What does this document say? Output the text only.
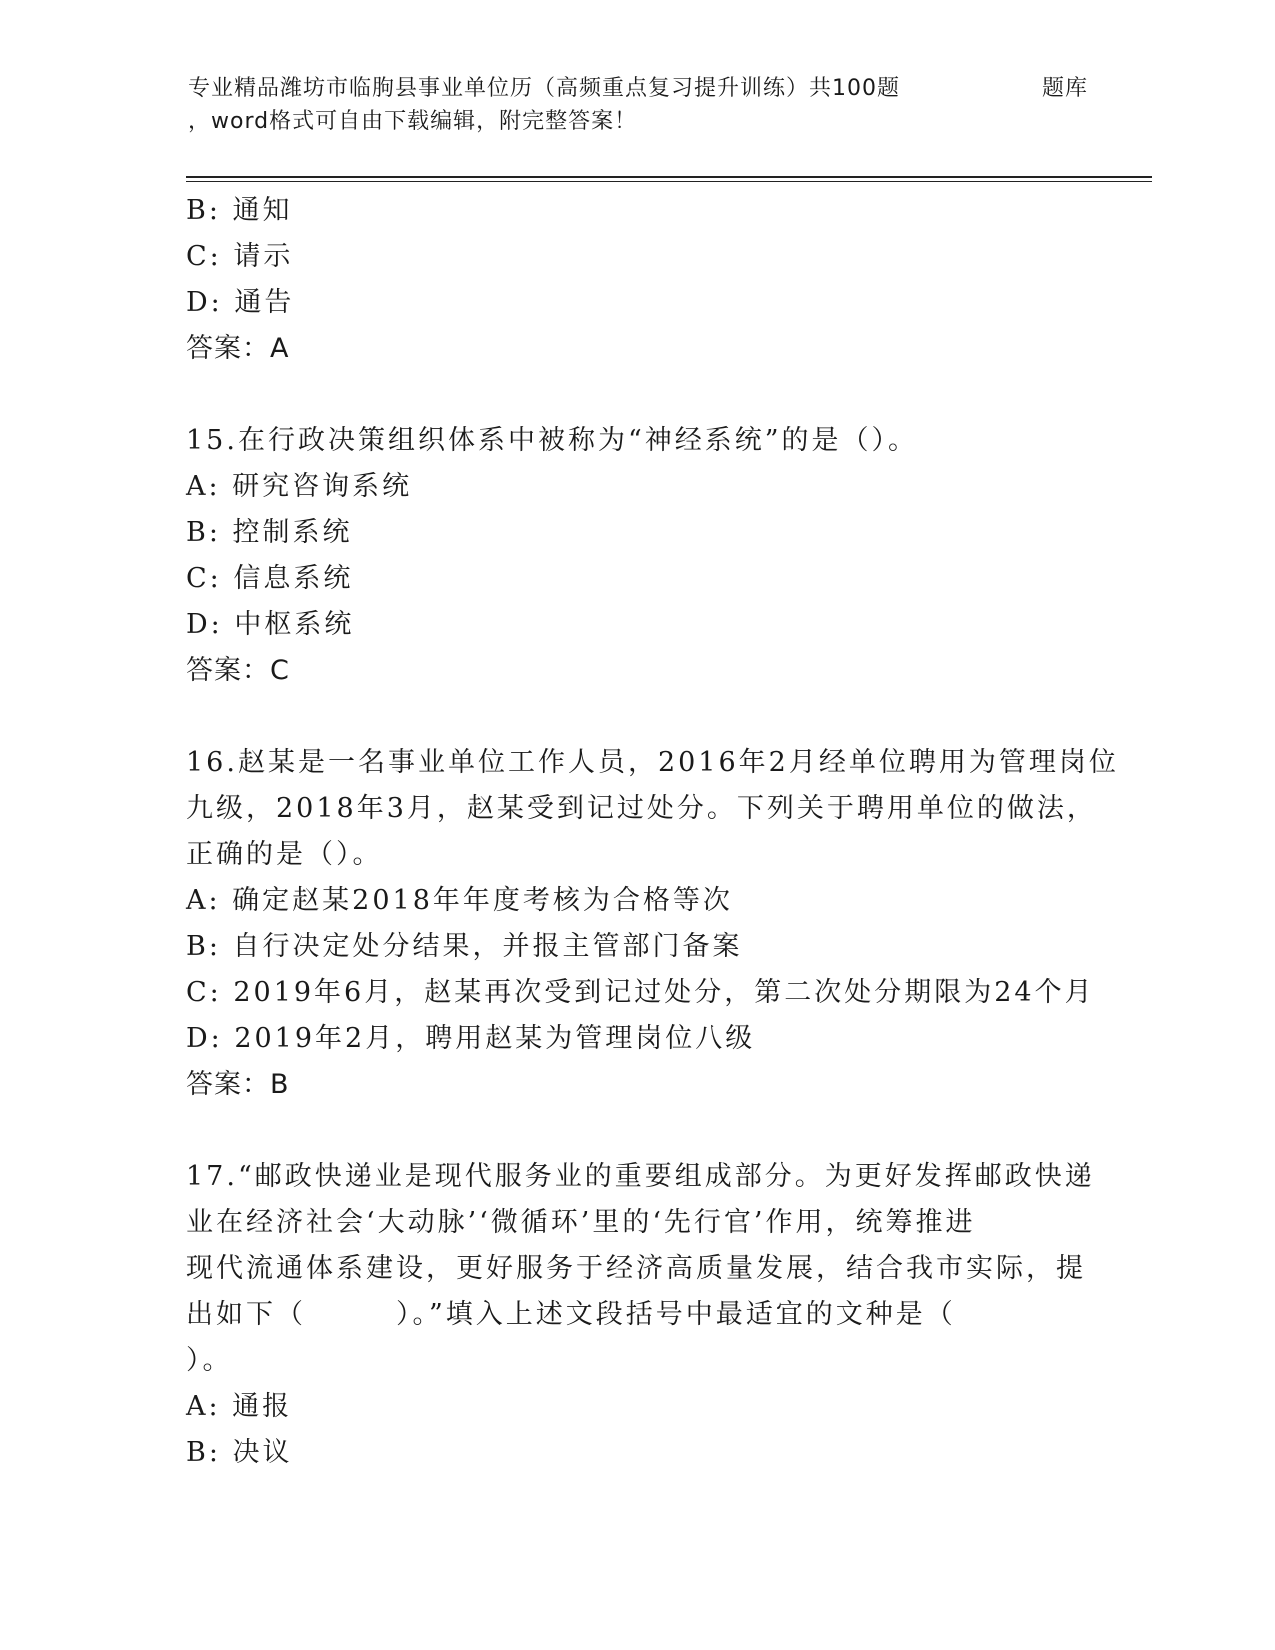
专业精品潍坊市临朐县事业单位历（高频重点复习提升训练）共100题	题库
，word格式可自由下载编辑，附完整答案！
B: 通知
C: 请示
D: 通告
答案：A
15.在行政决策组织体系中被称为“神经系统”的是（）。
A: 研究咨询系统
B: 控制系统
C: 信息系统
D: 中枢系统
答案：C
16.赵某是一名事业单位工作人员，2016年2月经单位聘用为管理岗位
九级，2018年3月，赵某受到记过处分。下列关于聘用单位的做法，
正确的是（）。
A: 确定赵某2018年年度考核为合格等次
B: 自行决定处分结果，并报主管部门备案
C: 2019年6月，赵某再次受到记过处分，第二次处分期限为24个月
D: 2019年2月，聘用赵某为管理岗位八级
答案：B
17.“邮政快递业是现代服务业的重要组成部分。为更好发挥邮政快递
业在经济社会‘大动脉’‘微循环’里的‘先行官’作用，统筹推进
现代流通体系建设，更好服务于经济高质量发展，结合我市实际，提
出如下（　　　）。”填入上述文段括号中最适宜的文种是（
）。
A: 通报
B: 决议
